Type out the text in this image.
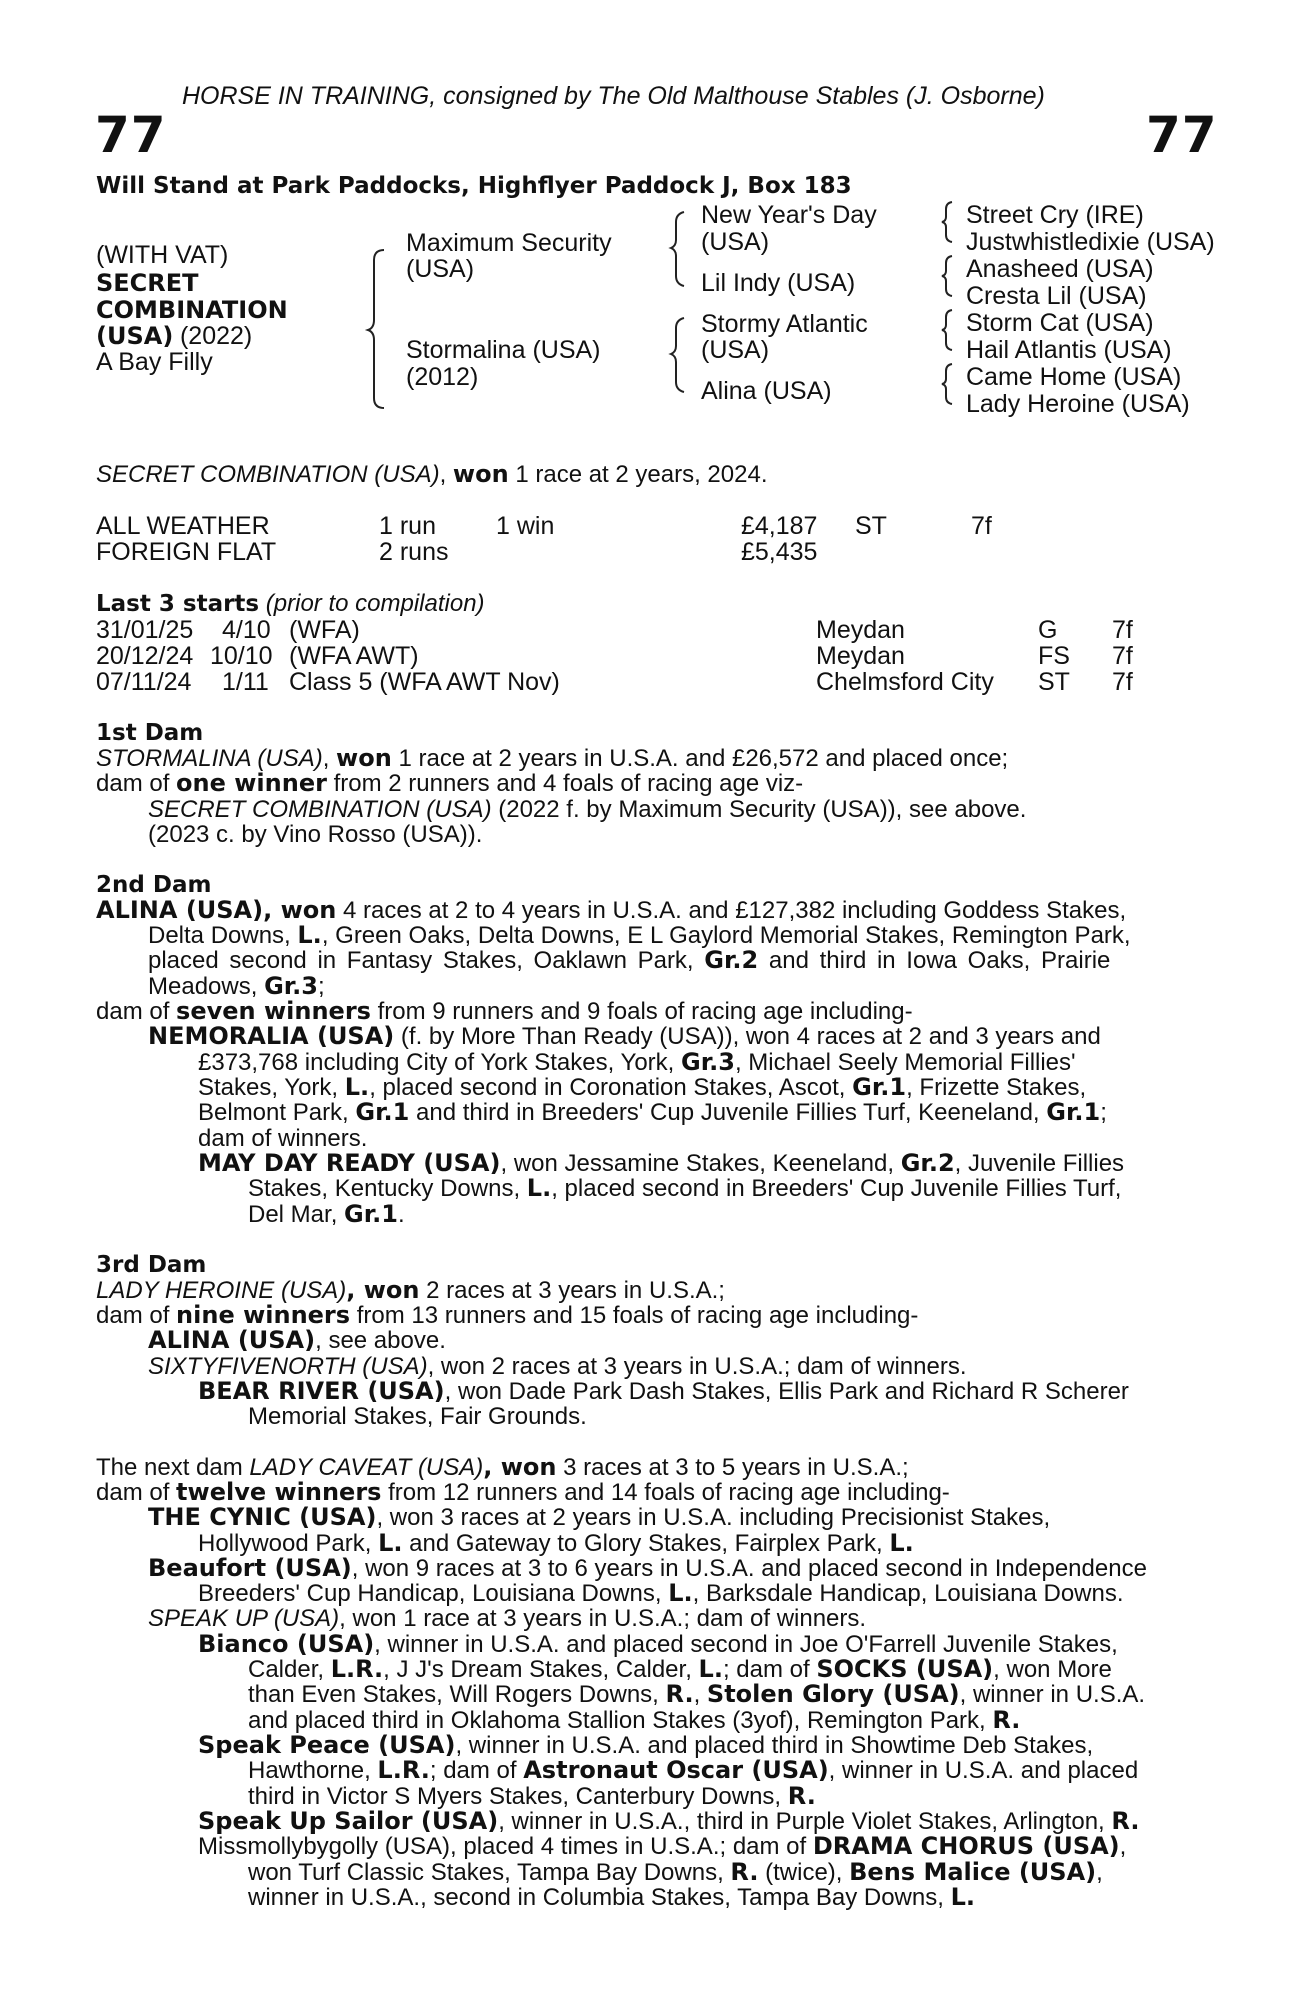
HORSE IN TRAINING, consigned by The Old Malthouse Stables (J. Osborne)
77	77
Will Stand at Park Paddocks, Highflyer Paddock J, Box 183
(WITH VAT)
SECRET
COMBINATION
(USA) (2022)
A Bay Filly
Maximum Security
(USA)
Stormalina (USA)
(2012)
New Year's Day
(USA)
Lil Indy (USA)
Stormy Atlantic
(USA)
Alina (USA)
Street Cry (IRE)
Justwhistledixie (USA)
Anasheed (USA)
Cresta Lil (USA)
Storm Cat (USA)
Hail Atlantis (USA)
Came Home (USA)
Lady Heroine (USA)
SECRET COMBINATION (USA), won 1 race at 2 years, 2024.
ALL WEATHER	1 run 1 win	£4,187 ST	7f
FOREIGN FLAT	2 runs	£5,435
Last 3 starts (prior to compilation)
31/01/25 4/10 (WFA)	Meydan	G 7f
20/12/24 10/10 (WFA AWT)	Meydan	FS 7f
07/11/24 1/11 Class 5 (WFA AWT Nov)	Chelmsford City ST 7f
1st Dam
STORMALINA (USA), won 1 race at 2 years in U.S.A. and £26,572 and placed once;
dam of one winner from 2 runners and 4 foals of racing age viz-
SECRET COMBINATION (USA) (2022 f. by Maximum Security (USA)), see above.
(2023 c. by Vino Rosso (USA)).
2nd Dam
ALINA (USA), won 4 races at 2 to 4 years in U.S.A. and £127,382 including Goddess Stakes,
Delta Downs, L., Green Oaks, Delta Downs, E L Gaylord Memorial Stakes, Remington Park,
placed second in Fantasy Stakes, Oaklawn Park, Gr.2 and third in Iowa Oaks, Prairie
Meadows, Gr.3;
dam of seven winners from 9 runners and 9 foals of racing age including-
NEMORALIA (USA) (f. by More Than Ready (USA)), won 4 races at 2 and 3 years and
£373,768 including City of York Stakes, York, Gr.3, Michael Seely Memorial Fillies'
Stakes, York, L., placed second in Coronation Stakes, Ascot, Gr.1, Frizette Stakes,
Belmont Park, Gr.1 and third in Breeders' Cup Juvenile Fillies Turf, Keeneland, Gr.1;
dam of winners.
MAY DAY READY (USA), won Jessamine Stakes, Keeneland, Gr.2, Juvenile Fillies
Stakes, Kentucky Downs, L., placed second in Breeders' Cup Juvenile Fillies Turf,
Del Mar, Gr.1.
3rd Dam
LADY HEROINE (USA), won 2 races at 3 years in U.S.A.;
dam of nine winners from 13 runners and 15 foals of racing age including-
ALINA (USA), see above.
SIXTYFIVENORTH (USA), won 2 races at 3 years in U.S.A.; dam of winners.
BEAR RIVER (USA), won Dade Park Dash Stakes, Ellis Park and Richard R Scherer
Memorial Stakes, Fair Grounds.
The next dam LADY CAVEAT (USA), won 3 races at 3 to 5 years in U.S.A.;
dam of twelve winners from 12 runners and 14 foals of racing age including-
THE CYNIC (USA), won 3 races at 2 years in U.S.A. including Precisionist Stakes,
Hollywood Park, L. and Gateway to Glory Stakes, Fairplex Park, L.
Beaufort (USA), won 9 races at 3 to 6 years in U.S.A. and placed second in Independence
Breeders' Cup Handicap, Louisiana Downs, L., Barksdale Handicap, Louisiana Downs.
SPEAK UP (USA), won 1 race at 3 years in U.S.A.; dam of winners.
Bianco (USA), winner in U.S.A. and placed second in Joe O'Farrell Juvenile Stakes,
Calder, L.R., J J's Dream Stakes, Calder, L.; dam of SOCKS (USA), won More
than Even Stakes, Will Rogers Downs, R., Stolen Glory (USA), winner in U.S.A.
and placed third in Oklahoma Stallion Stakes (3yof), Remington Park, R.
Speak Peace (USA), winner in U.S.A. and placed third in Showtime Deb Stakes,
Hawthorne, L.R.; dam of Astronaut Oscar (USA), winner in U.S.A. and placed
third in Victor S Myers Stakes, Canterbury Downs, R.
Speak Up Sailor (USA), winner in U.S.A., third in Purple Violet Stakes, Arlington, R.
Missmollybygolly (USA), placed 4 times in U.S.A.; dam of DRAMA CHORUS (USA),
won Turf Classic Stakes, Tampa Bay Downs, R. (twice), Bens Malice (USA),
winner in U.S.A., second in Columbia Stakes, Tampa Bay Downs, L.
